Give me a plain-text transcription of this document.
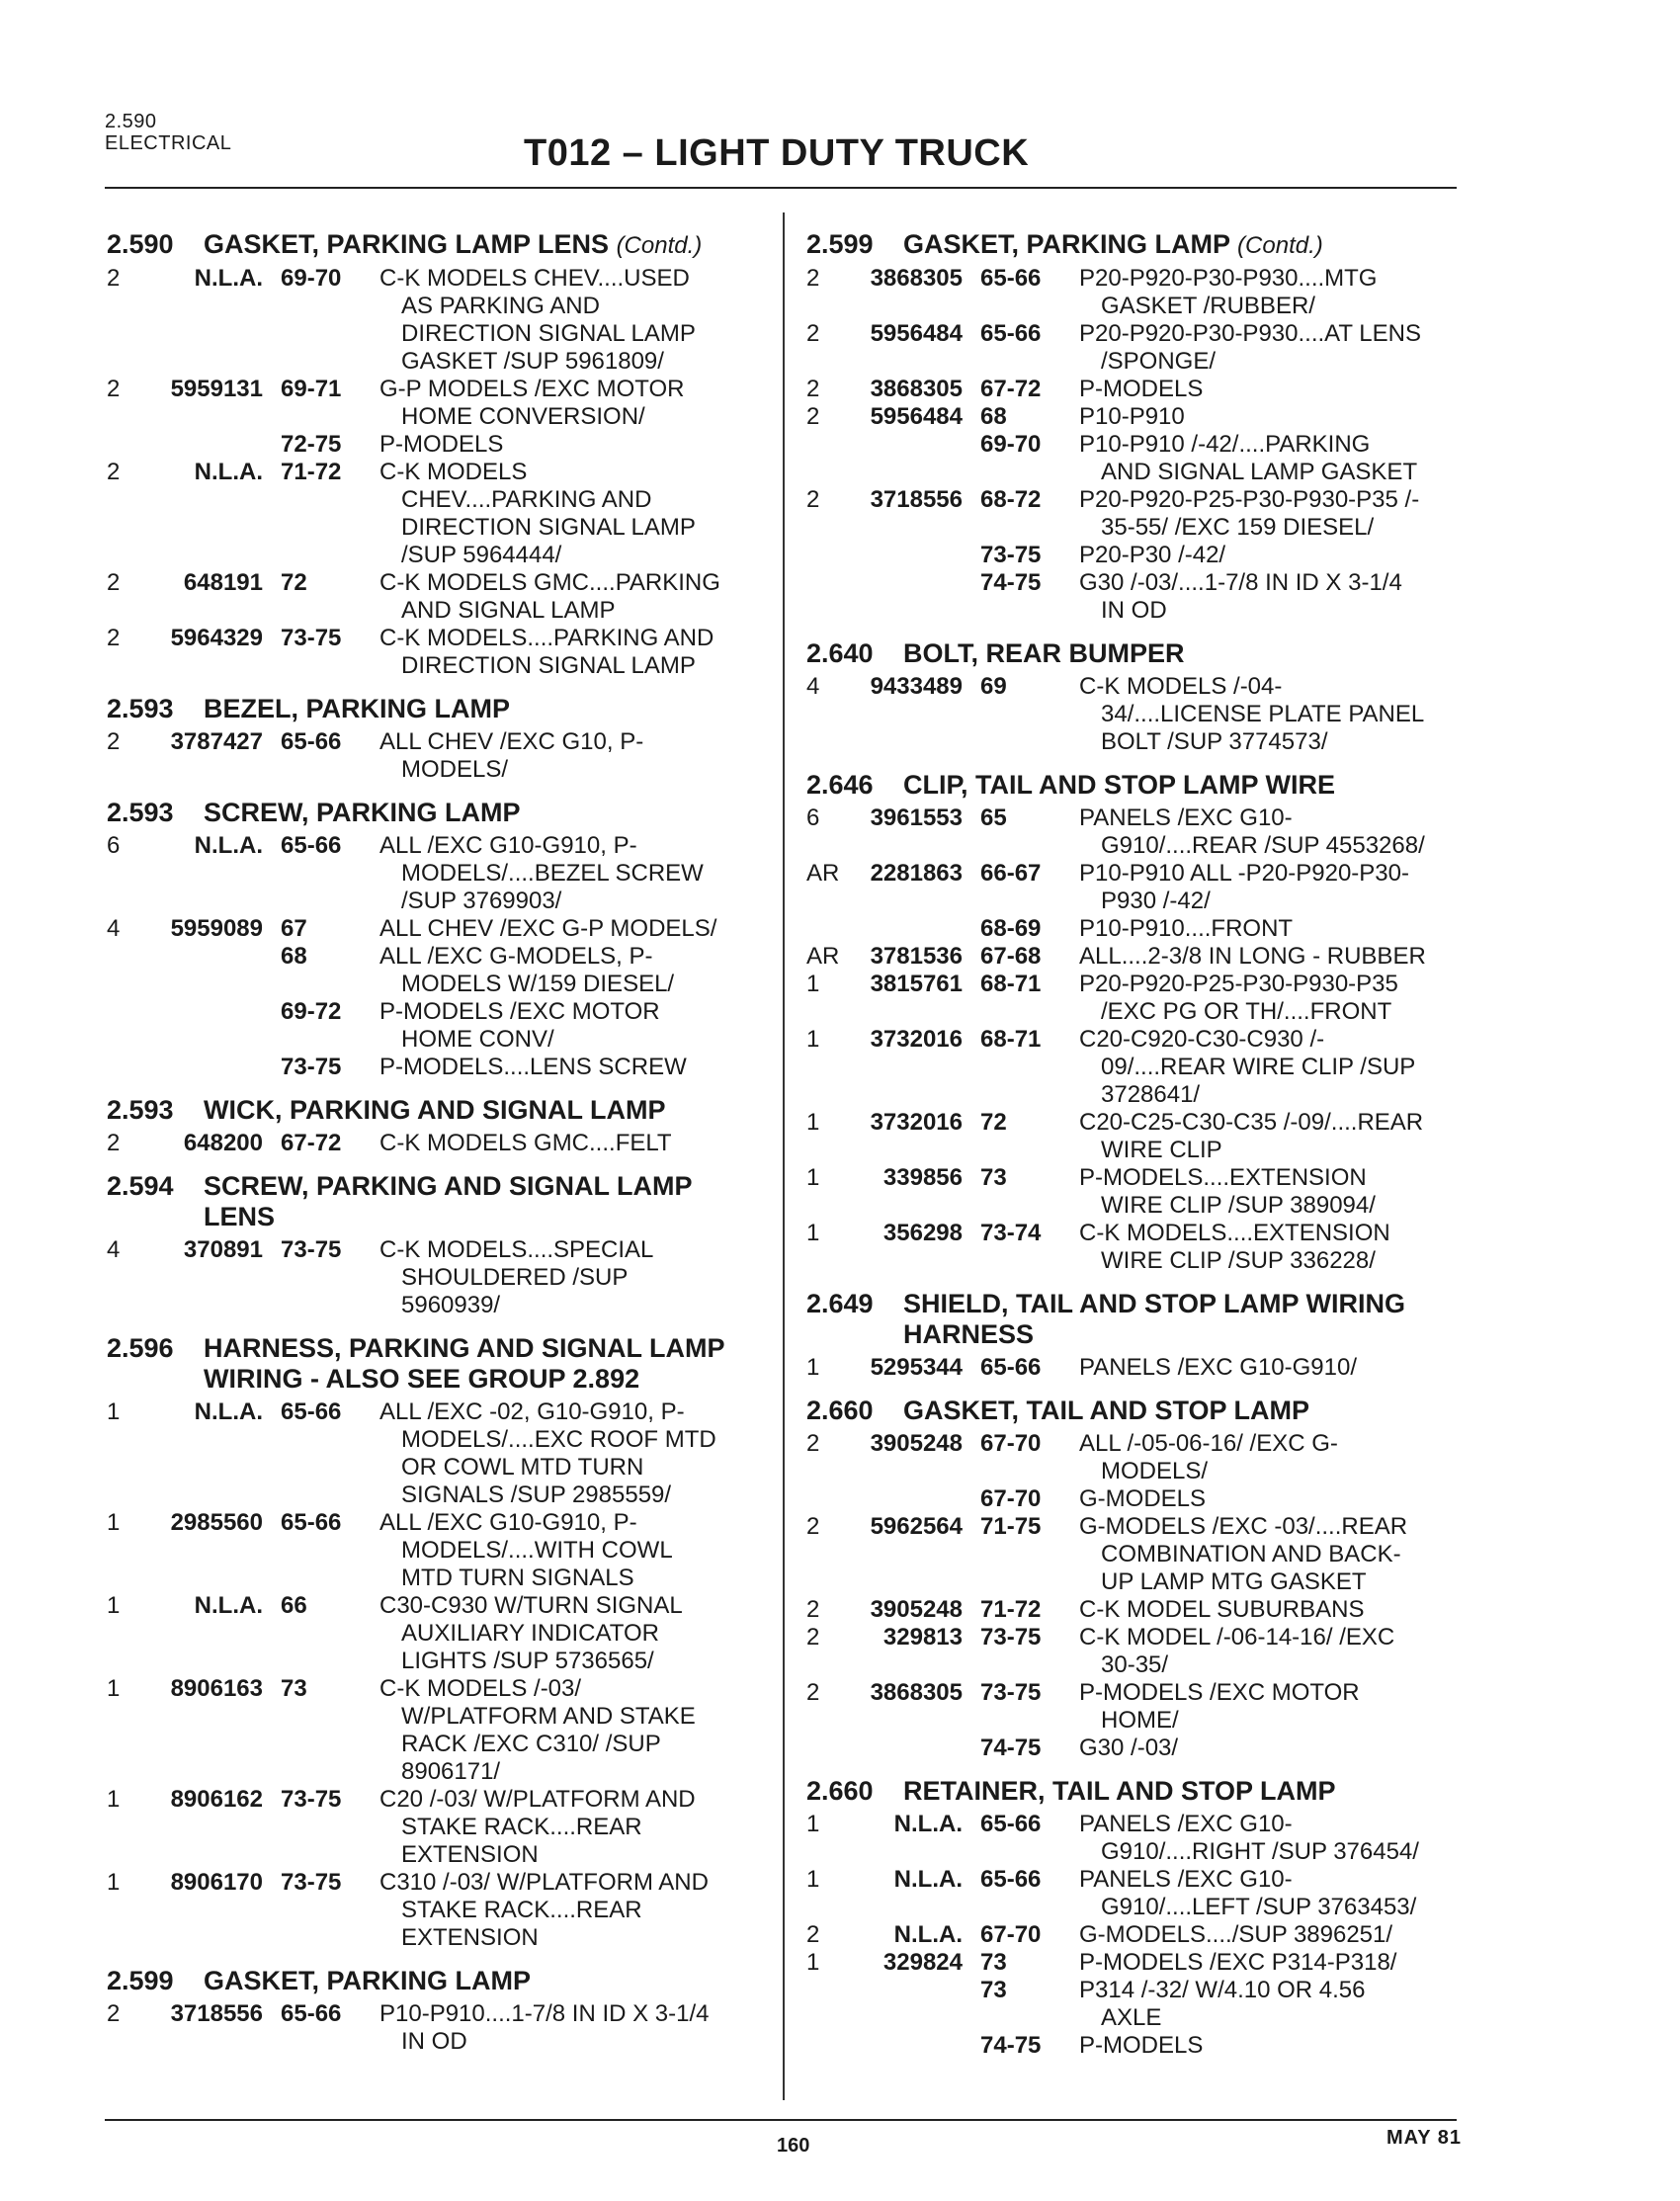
2.590
ELECTRICAL	T012 – LIGHT DUTY TRUCK
2.590	GASKET, PARKING LAMP LENS (Contd.)
2	N.L.A. 69-70	C-K MODELS CHEV....USED
AS PARKING AND
DIRECTION SIGNAL LAMP
GASKET /SUP 5961809/
2	5959131 69-71	G-P MODELS /EXC MOTOR
HOME CONVERSION/
72-75	P-MODELS
2	N.L.A. 71-72	C-K MODELS
CHEV....PARKING AND
DIRECTION SIGNAL LAMP
/SUP 5964444/
2	648191 72	C-K MODELS GMC....PARKING
AND SIGNAL LAMP
2	5964329 73-75	C-K MODELS....PARKING AND
DIRECTION SIGNAL LAMP
2.593	BEZEL, PARKING LAMP
2	3787427 65-66	ALL CHEV /EXC G10, P-
MODELS/
2.593	SCREW, PARKING LAMP
6	N.L.A. 65-66	ALL /EXC G10-G910, P-
MODELS/....BEZEL SCREW
/SUP 3769903/
4	5959089 67	ALL CHEV /EXC G-P MODELS/
68	ALL /EXC G-MODELS, P-
MODELS W/159 DIESEL/
69-72	P-MODELS /EXC MOTOR
HOME CONV/
73-75	P-MODELS....LENS SCREW
2.593	WICK, PARKING AND SIGNAL LAMP
2	648200 67-72	C-K MODELS GMC....FELT
2.594	SCREW, PARKING AND SIGNAL LAMP LENS
4	370891 73-75	C-K MODELS....SPECIAL
SHOULDERED /SUP
5960939/
2.596	HARNESS, PARKING AND SIGNAL LAMP WIRING - ALSO SEE GROUP 2.892
1	N.L.A. 65-66	ALL /EXC -02, G10-G910, P-
MODELS/....EXC ROOF MTD
OR COWL MTD TURN
SIGNALS /SUP 2985559/
1	2985560 65-66	ALL /EXC G10-G910, P-
MODELS/....WITH COWL
MTD TURN SIGNALS
1	N.L.A. 66	C30-C930 W/TURN SIGNAL
AUXILIARY INDICATOR
LIGHTS /SUP 5736565/
1	8906163 73	C-K MODELS /-03/
W/PLATFORM AND STAKE
RACK /EXC C310/ /SUP
8906171/
1	8906162 73-75	C20 /-03/ W/PLATFORM AND
STAKE RACK....REAR
EXTENSION
1	8906170 73-75	C310 /-03/ W/PLATFORM AND
STAKE RACK....REAR
EXTENSION
2.599	GASKET, PARKING LAMP
2	3718556 65-66	P10-P910....1-7/8 IN ID X 3-1/4
IN OD
2.599	GASKET, PARKING LAMP (Contd.)
2	3868305 65-66	P20-P920-P30-P930....MTG
GASKET /RUBBER/
2	5956484 65-66	P20-P920-P30-P930....AT LENS
/SPONGE/
2	3868305 67-72	P-MODELS
2	5956484 68	P10-P910
69-70	P10-P910 /-42/....PARKING
AND SIGNAL LAMP GASKET
2	3718556 68-72	P20-P920-P25-P30-P930-P35 /-
35-55/ /EXC 159 DIESEL/
73-75	P20-P30 /-42/
74-75	G30 /-03/....1-7/8 IN ID X 3-1/4
IN OD
2.640	BOLT, REAR BUMPER
4	9433489 69	C-K MODELS /-04-
34/....LICENSE PLATE PANEL
BOLT /SUP 3774573/
2.646	CLIP, TAIL AND STOP LAMP WIRE
6	3961553 65	PANELS /EXC G10-
G910/....REAR /SUP 4553268/
AR	2281863 66-67	P10-P910 ALL -P20-P920-P30-
P930 /-42/
68-69	P10-P910....FRONT
AR	3781536 67-68	ALL....2-3/8 IN LONG - RUBBER
1	3815761 68-71	P20-P920-P25-P30-P930-P35
/EXC PG OR TH/....FRONT
1	3732016 68-71	C20-C920-C30-C930 /-
09/....REAR WIRE CLIP /SUP
3728641/
1	3732016 72	C20-C25-C30-C35 /-09/....REAR
WIRE CLIP
1	339856 73	P-MODELS....EXTENSION
WIRE CLIP /SUP 389094/
1	356298 73-74	C-K MODELS....EXTENSION
WIRE CLIP /SUP 336228/
2.649	SHIELD, TAIL AND STOP LAMP WIRING HARNESS
1	5295344 65-66	PANELS /EXC G10-G910/
2.660	GASKET, TAIL AND STOP LAMP
2	3905248 67-70	ALL /-05-06-16/ /EXC G-
MODELS/
67-70	G-MODELS
2	5962564 71-75	G-MODELS /EXC -03/....REAR
COMBINATION AND BACK-
UP LAMP MTG GASKET
2	3905248 71-72	C-K MODEL SUBURBANS
2	329813 73-75	C-K MODEL /-06-14-16/ /EXC
30-35/
2	3868305 73-75	P-MODELS /EXC MOTOR
HOME/
74-75	G30 /-03/
2.660	RETAINER, TAIL AND STOP LAMP
1	N.L.A. 65-66	PANELS /EXC G10-
G910/....RIGHT /SUP 376454/
1	N.L.A. 65-66	PANELS /EXC G10-
G910/....LEFT /SUP 3763453/
2	N.L.A. 67-70	G-MODELS..../SUP 3896251/
1	329824 73	P-MODELS /EXC P314-P318/
73	P314 /-32/ W/4.10 OR 4.56
AXLE
74-75	P-MODELS
160	MAY 81
